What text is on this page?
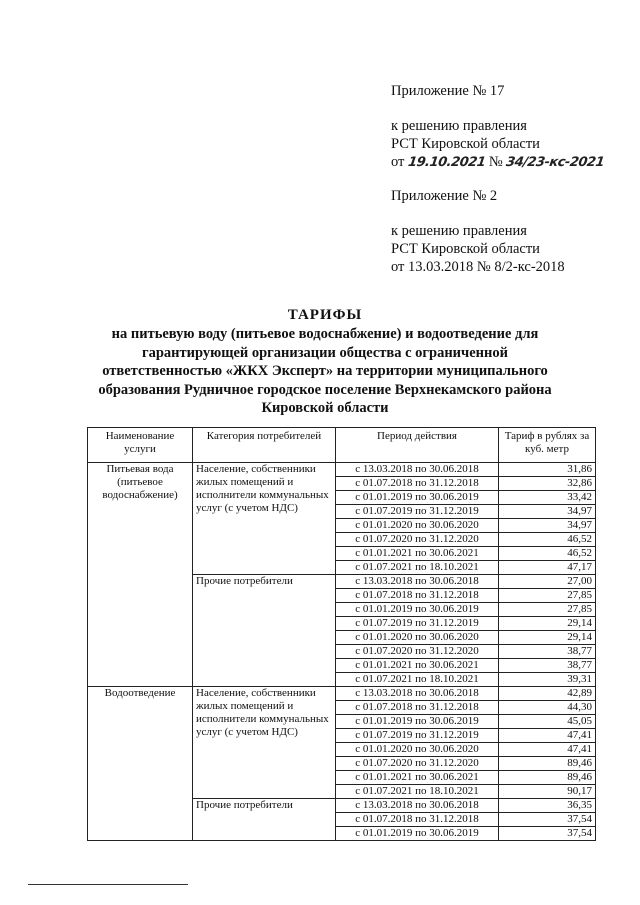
Приложение № 17

к решению правления

РСТ Кировской области

от 19.10.2021 № 34/23-кс-2021

Приложение № 2

к решению правления

РСТ Кировской области

от 13.03.2018 № 8/2-кс-2018

ТАРИФЫ
на питьевую воду (питьевое водоснабжение) и водоотведение для
гарантирующей организации общества с ограниченной
ответственностью «ЖКХ Эксперт» на территории муниципального
образования Рудничное городское поселение Верхнекамского района
Кировской области
Наименование услуги	Категория потребителей	Период действия	Тариф в рублях за куб. метр
Питьевая вода (питьевое водоснабжение)	Население, собственники жилых помещений и исполнители коммунальных услуг (с учетом НДС)	с 13.03.2018 по 30.06.2018	31,86
		с 01.07.2018 по 31.12.2018	32,86
		с 01.01.2019 по 30.06.2019	33,42
		с 01.07.2019 по 31.12.2019	34,97
		с 01.01.2020 по 30.06.2020	34,97
		с 01.07.2020 по 31.12.2020	46,52
		с 01.01.2021 по 30.06.2021	46,52
		с 01.07.2021 по 18.10.2021	47,17
	Прочие потребители	с 13.03.2018 по 30.06.2018	27,00
		с 01.07.2018 по 31.12.2018	27,85
		с 01.01.2019 по 30.06.2019	27,85
		с 01.07.2019 по 31.12.2019	29,14
		с 01.01.2020 по 30.06.2020	29,14
		с 01.07.2020 по 31.12.2020	38,77
		с 01.01.2021 по 30.06.2021	38,77
		с 01.07.2021 по 18.10.2021	39,31
Водоотведение	Население, собственники жилых помещений и исполнители коммунальных услуг (с учетом НДС)	с 13.03.2018 по 30.06.2018	42,89
		с 01.07.2018 по 31.12.2018	44,30
		с 01.01.2019 по 30.06.2019	45,05
		с 01.07.2019 по 31.12.2019	47,41
		с 01.01.2020 по 30.06.2020	47,41
		с 01.07.2020 по 31.12.2020	89,46
		с 01.01.2021 по 30.06.2021	89,46
		с 01.07.2021 по 18.10.2021	90,17
	Прочие потребители	с 13.03.2018 по 30.06.2018	36,35
		с 01.07.2018 по 31.12.2018	37,54
		с 01.01.2019 по 30.06.2019	37,54
